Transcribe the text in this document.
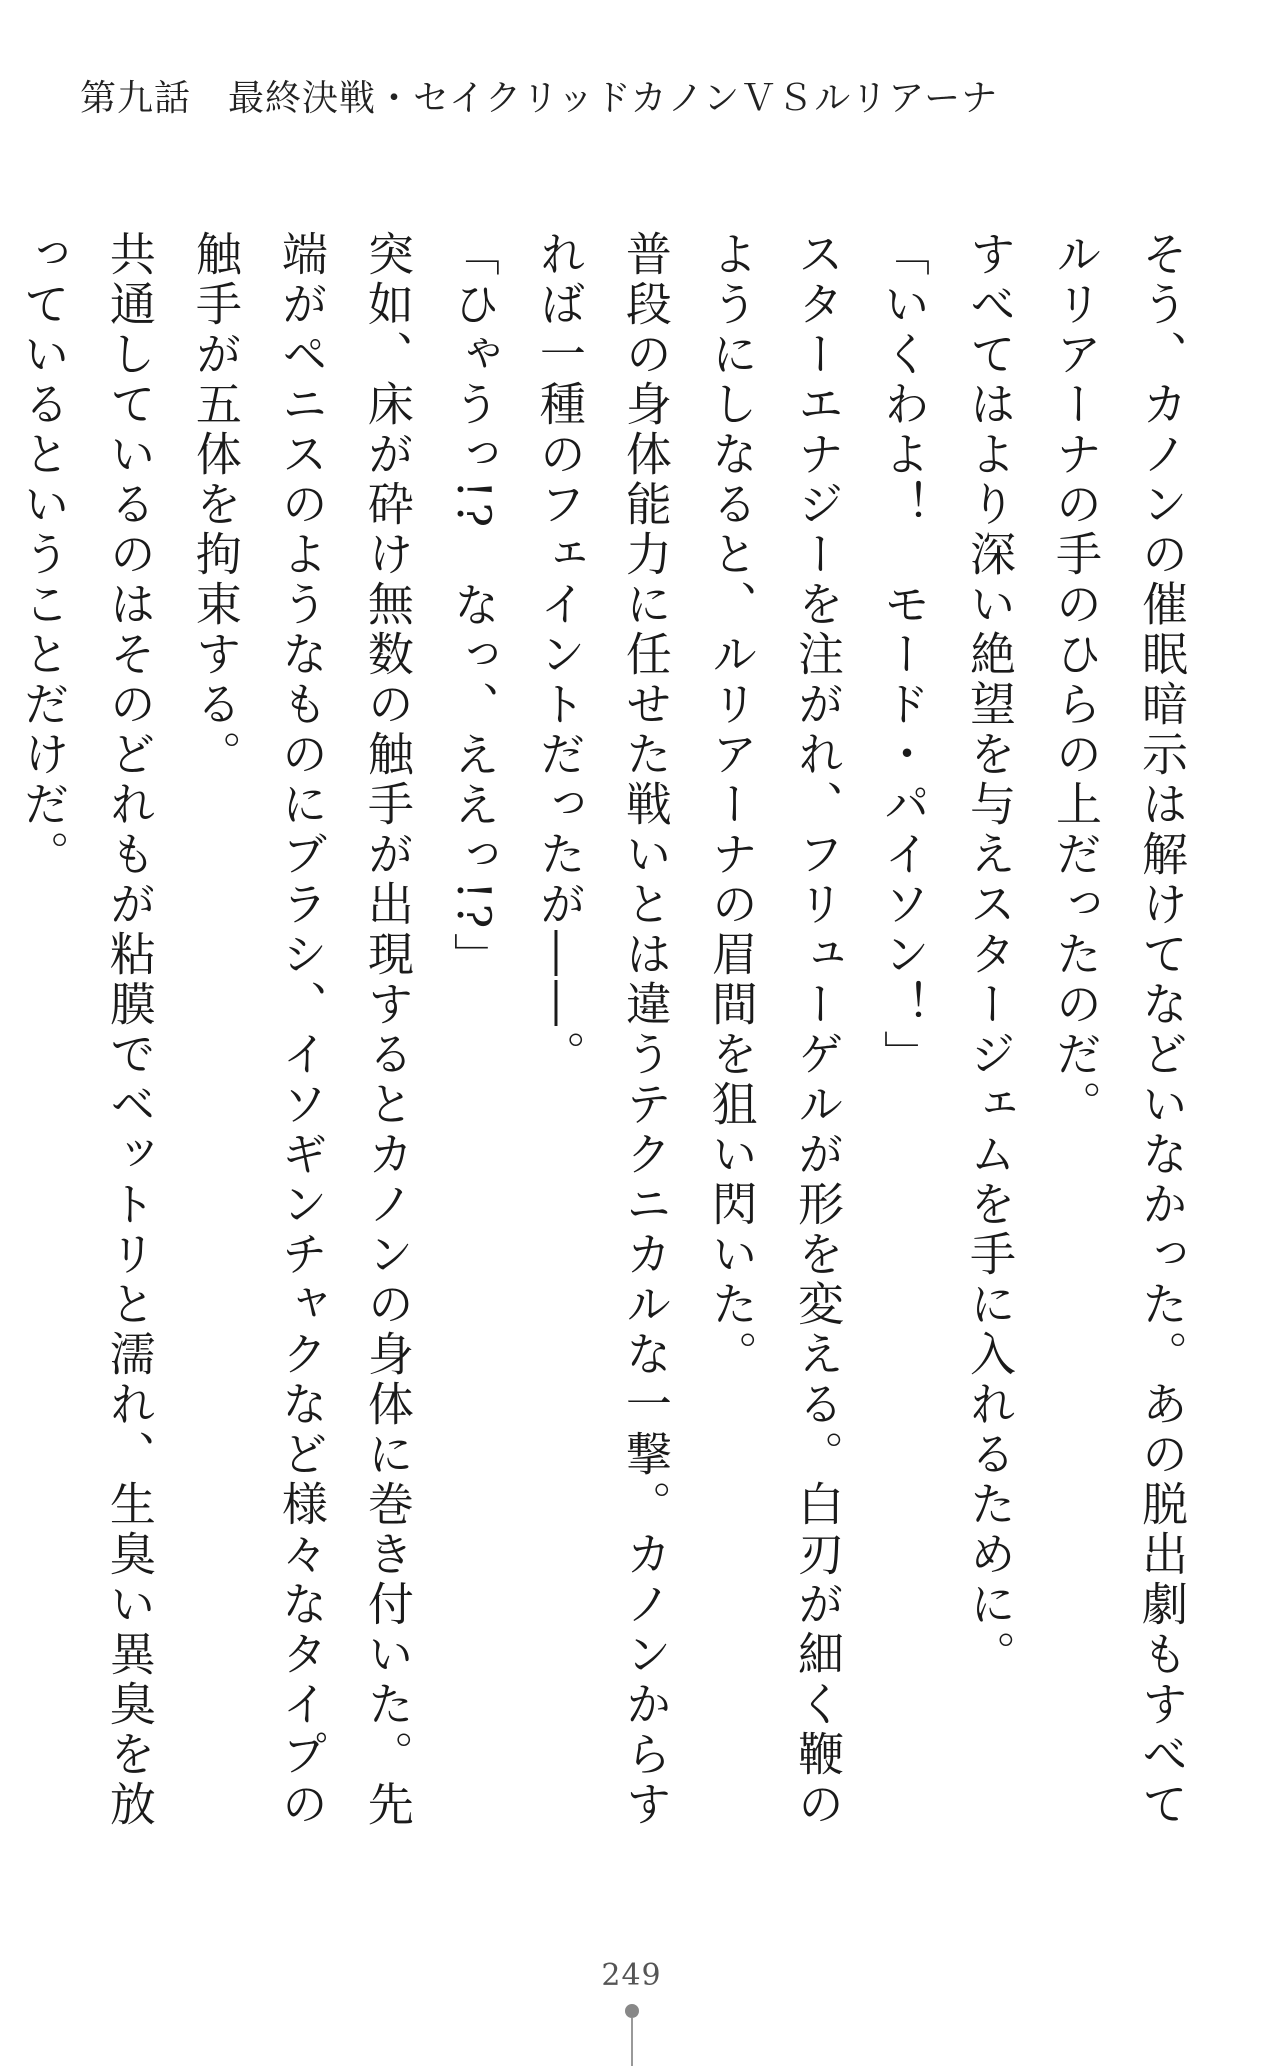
第九話　最終決戦・セイクリッドカノンＶＳルリアーナ

そう、カノンの催眠暗示は解けてなどいなかった。あの脱出劇もすべてルリアーナの手のひらの上だったのだ。

すべてはより深い絶望を与えスタージェムを手に入れるために。

「いくわよ！　モード・パイソン！」

スターエナジーを注がれ、フリューゲルが形を変える。白刃が細く鞭のようにしなると、ルリアーナの眉間を狙い閃いた。

普段の身体能力に任せた戦いとは違うテクニカルな一撃。カノンからすれば一種のフェイントだったが――。

「ひゃうっ!?　なっ、ええっ!?」

突如、床が砕け無数の触手が出現するとカノンの身体に巻き付いた。先端がペニスのようなものにブラシ、イソギンチャクなど様々なタイプの触手が五体を拘束する。

共通しているのはそのどれもが粘膜でベットリと濡れ、生臭い異臭を放っているということだけだ。

249
